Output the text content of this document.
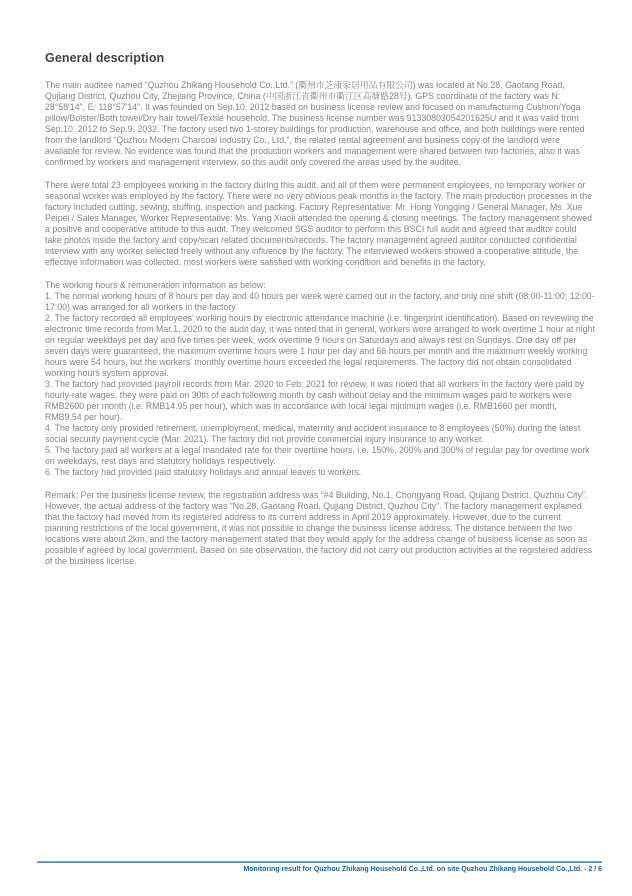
General description
The main auditee named “Quzhou Zhikang Household Co.,Ltd.” (衢州市芝康家居用品有限公司) was located at No.28, Gaotang Road, Qujiang District, Quzhou City, Zhejiang Province, China (中国浙江省衢州市衢江区高塘路28号). GPS coordinate of the factory was N: 28°58'14", E: 118°57'14". It was founded on Sep.10, 2012 based on business license review and focused on manufacturing Cushion/Yoga pillow/Bolster/Both towel/Dry hair towel/Textile household. The business license number was 91330803054201625U and it was valid from Sep.10, 2012 to Sep.9, 2032. The factory used two 1-storey buildings for production, warehouse and office, and both buildings were rented from the landlord “Quzhou Modern Charcoal Industry Co., Ltd.”, the related rental agreement and business copy of the landlord were available for review. No evidence was found that the production workers and management were shared between two factories, also it was confirmed by workers and management interview, so this audit only covered the areas used by the auditee.
There were total 23 employees working in the factory during this audit, and all of them were permanent employees, no temporary worker or seasonal worker was employed by the factory. There were no very obvious peak months in the factory. The main production processes in the factory included cutting, sewing, stuffing, inspection and packing. Factory Representative: Mr. Hong Yongqing / General Manager, Ms. Xue Peipei / Sales Manager, Worker Representative: Ms. Yang Xiaoli attended the opening & closing meetings. The factory management showed a positive and cooperative attitude to this audit. They welcomed SGS auditor to perform this BSCI full audit and agreed that auditor could take photos inside the factory and copy/scan related documents/records. The factory management agreed auditor conducted confidential interview with any worker selected freely without any influence by the factory. The interviewed workers showed a cooperative attitude, the effective information was collected, most workers were satisfied with working condition and benefits in the factory.
The working hours & remuneration information as below:
1. The normal working hours of 8 hours per day and 40 hours per week were carried out in the factory, and only one shift (08:00-11:00; 12:00-17:00) was arranged for all workers in the factory.
2. The factory recorded all employees' working hours by electronic attendance machine (i.e. fingerprint identification). Based on reviewing the electronic time records from Mar.1, 2020 to the audit day, it was noted that in general, workers were arranged to work overtime 1 hour at night on regular weekdays per day and five times per week, work overtime 9 hours on Saturdays and always rest on Sundays. One day off per seven days were guaranteed, the maximum overtime hours were 1 hour per day and 66 hours per month and the maximum weekly working hours were 54 hours, but the workers' monthly overtime hours exceeded the legal requirements. The factory did not obtain consolidated working hours system approval.
3. The factory had provided payroll records from Mar. 2020 to Feb. 2021 for review, it was noted that all workers in the factory were paid by hourly-rate wages, they were paid on 30th of each following month by cash without delay and the minimum wages paid to workers were RMB2600 per month (i.e. RMB14.95 per hour), which was in accordance with local legal minimum wages (i.e. RMB1660 per month, RMB9.54 per hour).
4. The factory only provided retirement, unemployment, medical, maternity and accident insurance to 8 employees (50%) during the latest social security payment cycle (Mar. 2021). The factory did not provide commercial injury insurance to any worker.
5. The factory paid all workers at a legal mandated rate for their overtime hours, i.e. 150%, 200% and 300% of regular pay for overtime work on weekdays, rest days and statutory holidays respectively.
6. The factory had provided paid statutory holidays and annual leaves to workers.
Remark: Per the business license review, the registration address was “#4 Building, No.1, Chongyang Road, Qujiang District, Quzhou City”. However, the actual address of the factory was “No.28, Gaotang Road, Qujiang District, Quzhou City”. The factory management explained that the factory had moved from its registered address to its current address in April 2019 approximately. However, due to the current planning restrictions of the local government, it was not possible to change the business license address. The distance between the two locations were about 2km, and the factory management stated that they would apply for the address change of business license as soon as possible if agreed by local government. Based on site observation, the factory did not carry out production activities at the registered address of the business license.
Monitoring result for Quzhou Zhikang Household Co.,Ltd. on site Quzhou Zhikang Household Co.,Ltd. - 2 / 6
